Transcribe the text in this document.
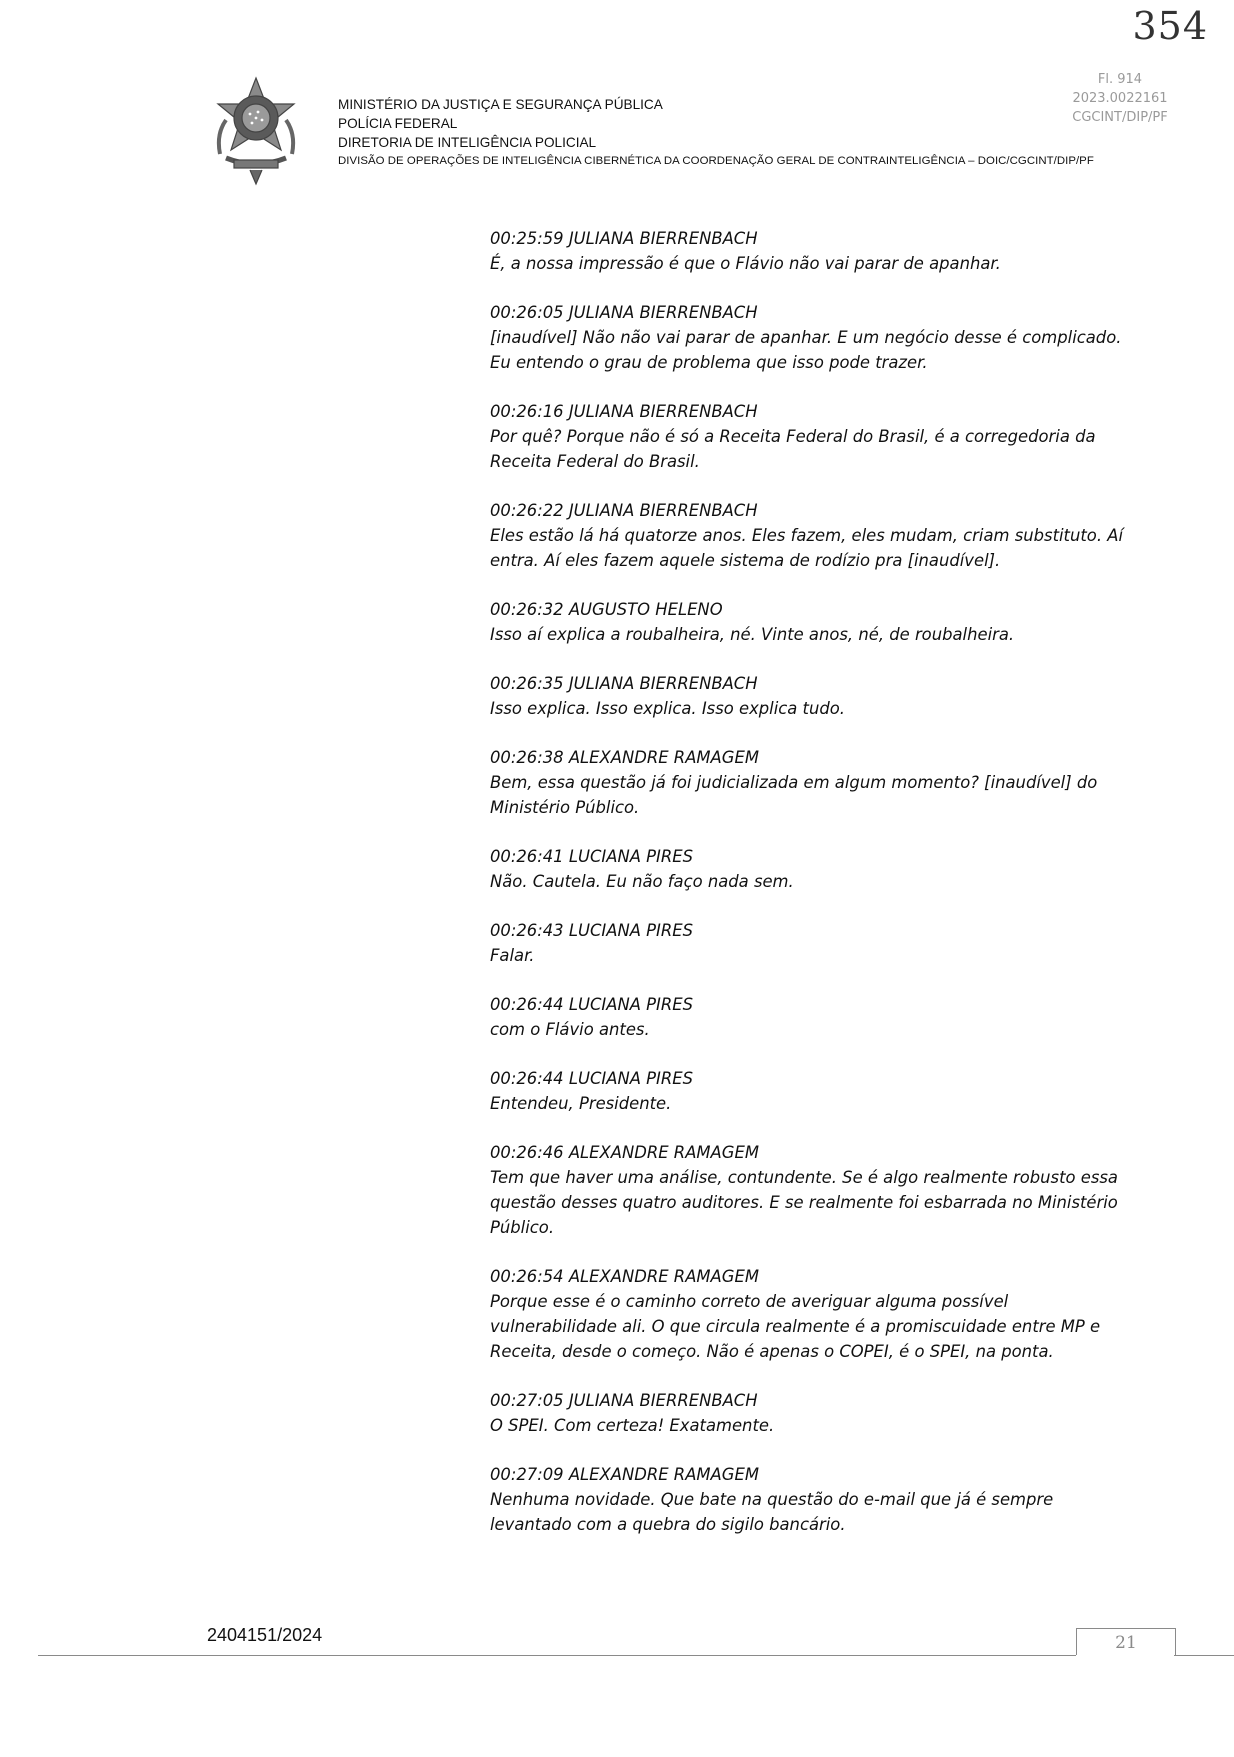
354
Fl. 914
2023.0022161
CGCINT/DIP/PF
MINISTÉRIO DA JUSTIÇA E SEGURANÇA PÚBLICA
POLÍCIA FEDERAL
DIRETORIA DE INTELIGÊNCIA POLICIAL
DIVISÃO DE OPERAÇÕES DE INTELIGÊNCIA CIBERNÉTICA DA COORDENAÇÃO GERAL DE CONTRAINTELIGÊNCIA – DOIC/CGCINT/DIP/PF
00:25:59 JULIANA BIERRENBACH
É, a nossa impressão é que o Flávio não vai parar de apanhar.
00:26:05 JULIANA BIERRENBACH
[inaudível] Não não vai parar de apanhar. E um negócio desse é complicado. Eu entendo o grau de problema que isso pode trazer.
00:26:16 JULIANA BIERRENBACH
Por quê? Porque não é só a Receita Federal do Brasil, é a corregedoria da Receita Federal do Brasil.
00:26:22 JULIANA BIERRENBACH
Eles estão lá há quatorze anos. Eles fazem, eles mudam, criam substituto. Aí entra. Aí eles fazem aquele sistema de rodízio pra [inaudível].
00:26:32 AUGUSTO HELENO
Isso aí explica a roubalheira, né. Vinte anos, né, de roubalheira.
00:26:35 JULIANA BIERRENBACH
Isso explica. Isso explica. Isso explica tudo.
00:26:38 ALEXANDRE RAMAGEM
Bem, essa questão já foi judicializada em algum momento? [inaudível] do Ministério Público.
00:26:41 LUCIANA PIRES
Não. Cautela. Eu não faço nada sem.
00:26:43 LUCIANA PIRES
Falar.
00:26:44 LUCIANA PIRES
com o Flávio antes.
00:26:44 LUCIANA PIRES
Entendeu, Presidente.
00:26:46 ALEXANDRE RAMAGEM
Tem que haver uma análise, contundente. Se é algo realmente robusto essa questão desses quatro auditores. E se realmente foi esbarrada no Ministério Público.
00:26:54 ALEXANDRE RAMAGEM
Porque esse é o caminho correto de averiguar alguma possível vulnerabilidade ali. O que circula realmente é a promiscuidade entre MP e Receita, desde o começo. Não é apenas o COPEI, é o SPEI, na ponta.
00:27:05 JULIANA BIERRENBACH
O SPEI. Com certeza! Exatamente.
00:27:09 ALEXANDRE RAMAGEM
Nenhuma novidade. Que bate na questão do e-mail que já é sempre levantado com a quebra do sigilo bancário.
2404151/2024	21
